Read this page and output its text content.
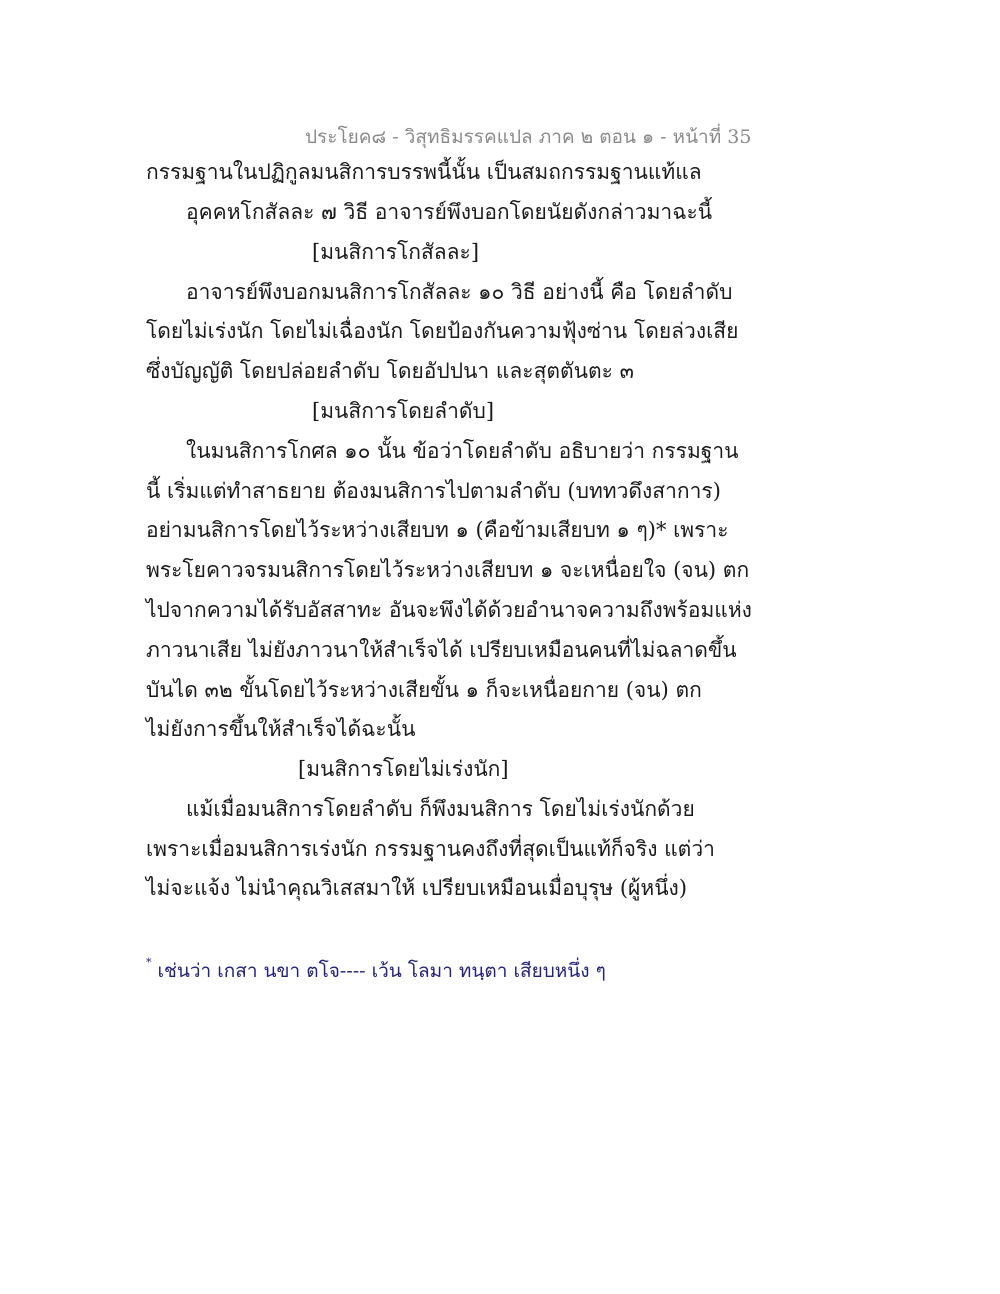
ประโยค๘ - วิสุทธิมรรคแปล ภาค ๒ ตอน ๑ - หน้าที่ 35
กรรมฐานในปฏิกูลมนสิการบรรพนี้นั้น เป็นสมถกรรมฐานแท้แล
อุคคหโกสัลละ ๗ วิธี อาจารย์พึงบอกโดยนัยดังกล่าวมาฉะนี้
[มนสิการโกสัลละ]
อาจารย์พึงบอกมนสิการโกสัลละ ๑๐ วิธี อย่างนี้ คือ โดยลำดับ
โดยไม่เร่งนัก โดยไม่เฉื่องนัก โดยป้องกันความฟุ้งซ่าน โดยล่วงเสีย
ซึ่งบัญญัติ โดยปล่อยลำดับ โดยอัปปนา และสุตตันตะ ๓
[มนสิการโดยลำดับ]
ในมนสิการโกศล ๑๐ นั้น ข้อว่าโดยลำดับ อธิบายว่า กรรมฐาน
นี้ เริ่มแต่ทำสาธยาย ต้องมนสิการไปตามลำดับ (บททวดึงสาการ)
อย่ามนสิการโดยไว้ระหว่างเสียบท ๑ (คือข้ามเสียบท ๑ ๆ)* เพราะ
พระโยคาวจรมนสิการโดยไว้ระหว่างเสียบท ๑ จะเหนื่อยใจ (จน) ตก
ไปจากความได้รับอัสสาทะ อันจะพึงได้ด้วยอำนาจความถึงพร้อมแห่ง
ภาวนาเสีย ไม่ยังภาวนาให้สำเร็จได้ เปรียบเหมือนคนที่ไม่ฉลาดขึ้น
บันได ๓๒ ขั้นโดยไว้ระหว่างเสียขั้น ๑ ก็จะเหนื่อยกาย (จน) ตก
ไม่ยังการขึ้นให้สำเร็จได้ฉะนั้น
[มนสิการโดยไม่เร่งนัก]
แม้เมื่อมนสิการโดยลำดับ ก็พึงมนสิการ โดยไม่เร่งนักด้วย
เพราะเมื่อมนสิการเร่งนัก กรรมฐานคงถึงที่สุดเป็นแท้ก็จริง แต่ว่า
ไม่จะแจ้ง ไม่นำคุณวิเสสมาให้ เปรียบเหมือนเมื่อบุรุษ (ผู้หนึ่ง)
* เช่นว่า เกสา นขา ตโจ---- เว้น โลมา ทนฺตา เสียบหนึ่ง ๆ
